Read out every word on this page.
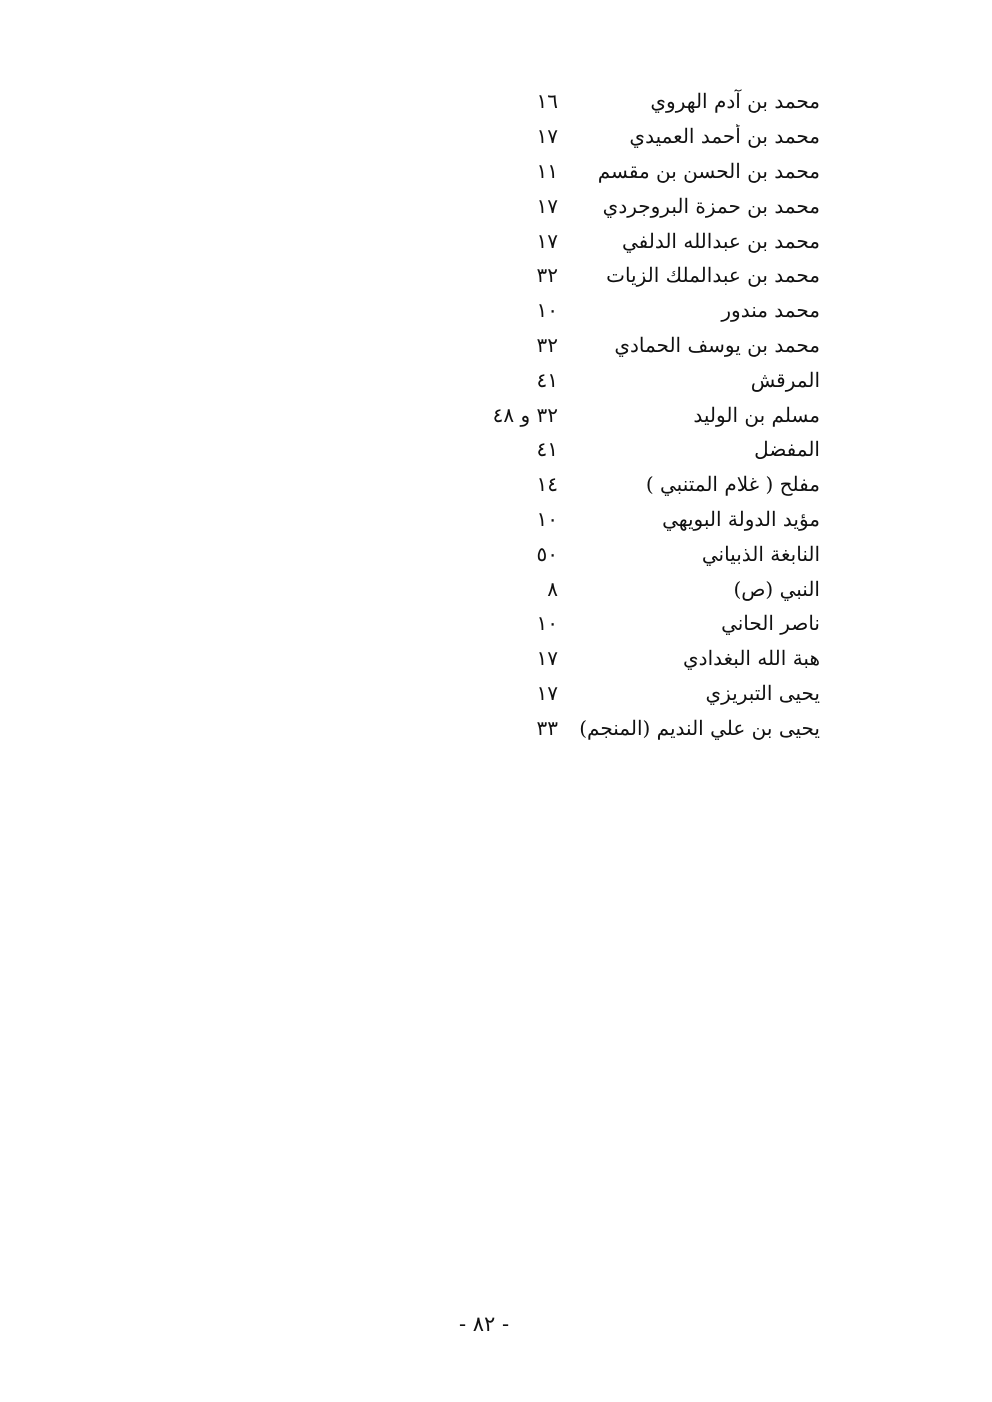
محمد بن آدم الهروي
١٦
محمد بن أحمد العميدي
١٧
محمد بن الحسن بن مقسم
١١
محمد بن حمزة البروجردي
١٧
محمد بن عبدالله الدلفي
١٧
محمد بن عبدالملك الزيات
٣٢
محمد مندور
١٠
محمد بن يوسف الحمادي
٣٢
المرقش
٤١
مسلم بن الوليد
٣٢ و ٤٨
المفضل
٤١
مفلح ( غلام المتنبي )
١٤
مؤيد الدولة البويهي
١٠
النابغة الذبياني
٥٠
النبي (ص)
٨
ناصر الحاني
١٠
هبة الله البغدادي
١٧
يحيى التبريزي
١٧
يحيى بن علي النديم (المنجم)
٣٣
- ٨٢ -
